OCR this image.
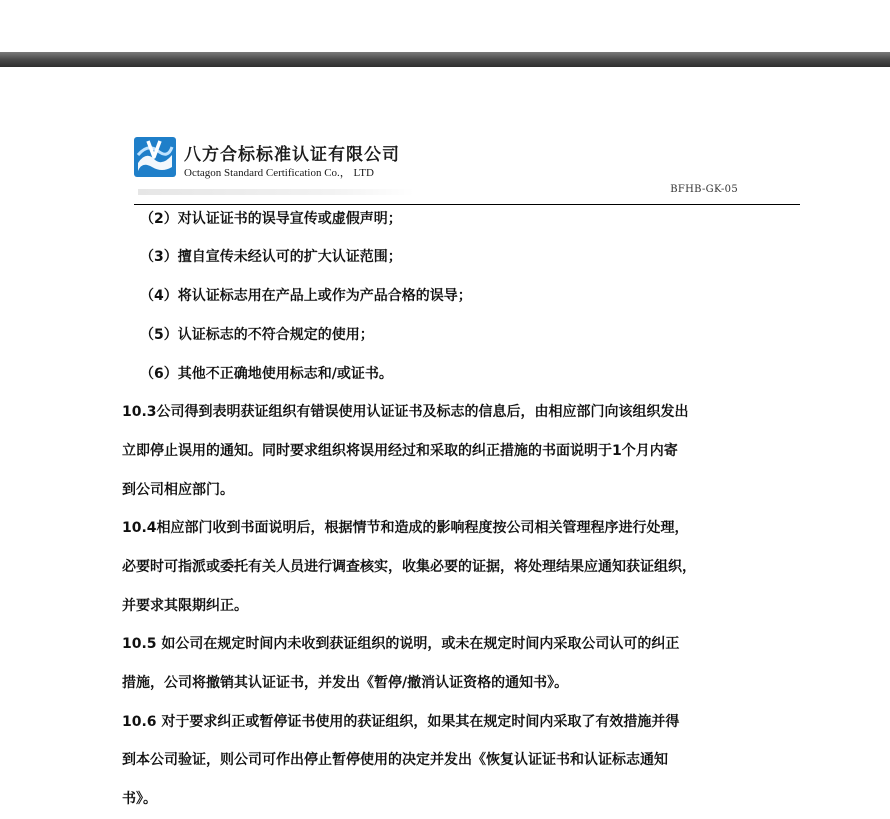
八方合标标准认证有限公司
Octagon Standard Certification Co.， LTD
BFHB-GK-05
（2）对认证证书的误导宣传或虚假声明；
（3）擅自宣传未经认可的扩大认证范围；
（4）将认证标志用在产品上或作为产品合格的误导；
（5）认证标志的不符合规定的使用；
（6）其他不正确地使用标志和/或证书。
10.3公司得到表明获证组织有错误使用认证证书及标志的信息后，由相应部门向该组织发出
立即停止误用的通知。同时要求组织将误用经过和采取的纠正措施的书面说明于1个月内寄
到公司相应部门。
10.4相应部门收到书面说明后，根据情节和造成的影响程度按公司相关管理程序进行处理，
必要时可指派或委托有关人员进行调查核实，收集必要的证据，将处理结果应通知获证组织，
并要求其限期纠正。
10.5 如公司在规定时间内未收到获证组织的说明，或未在规定时间内采取公司认可的纠正
措施，公司将撤销其认证证书，并发出《暂停/撤消认证资格的通知书》。
10.6 对于要求纠正或暂停证书使用的获证组织，如果其在规定时间内采取了有效措施并得
到本公司验证，则公司可作出停止暂停使用的决定并发出《恢复认证证书和认证标志通知
书》。
